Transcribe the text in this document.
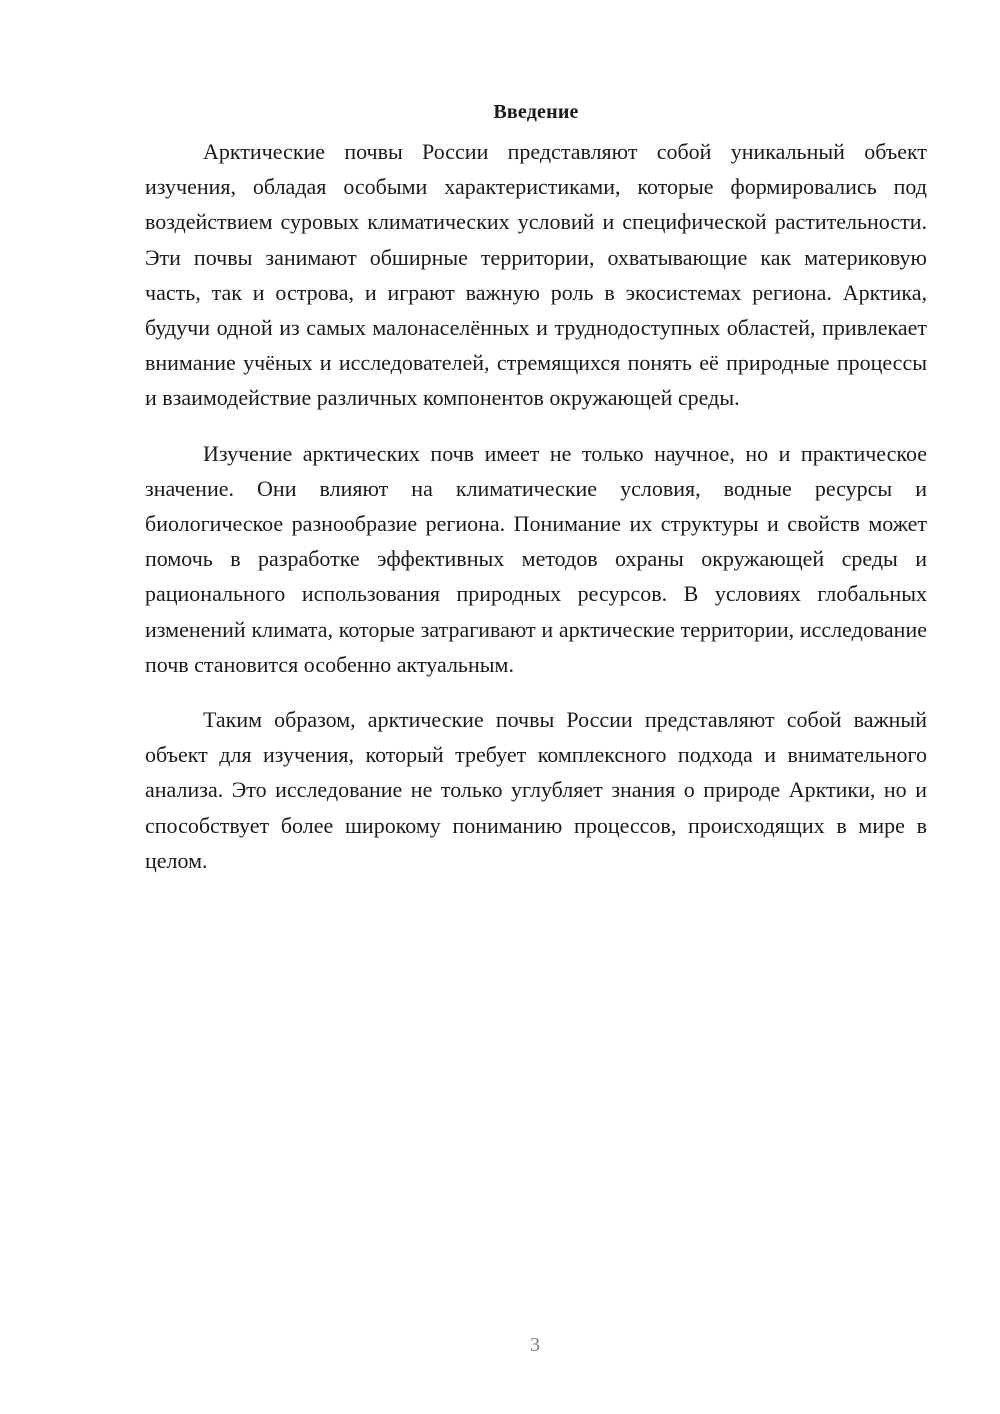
Введение

Арктические почвы России представляют собой уникальный объект изучения, обладая особыми характеристиками, которые формировались под воздействием суровых климатических условий и специфической растительности. Эти почвы занимают обширные территории, охватывающие как материковую часть, так и острова, и играют важную роль в экосистемах региона. Арктика, будучи одной из самых малонаселённых и труднодоступных областей, привлекает внимание учёных и исследователей, стремящихся понять её природные процессы и взаимодействие различных компонентов окружающей среды.

Изучение арктических почв имеет не только научное, но и практическое значение. Они влияют на климатические условия, водные ресурсы и биологическое разнообразие региона. Понимание их структуры и свойств может помочь в разработке эффективных методов охраны окружающей среды и рационального использования природных ресурсов. В условиях глобальных изменений климата, которые затрагивают и арктические территории, исследование почв становится особенно актуальным.

Таким образом, арктические почвы России представляют собой важный объект для изучения, который требует комплексного подхода и внимательного анализа. Это исследование не только углубляет знания о природе Арктики, но и способствует более широкому пониманию процессов, происходящих в мире в целом.

3
